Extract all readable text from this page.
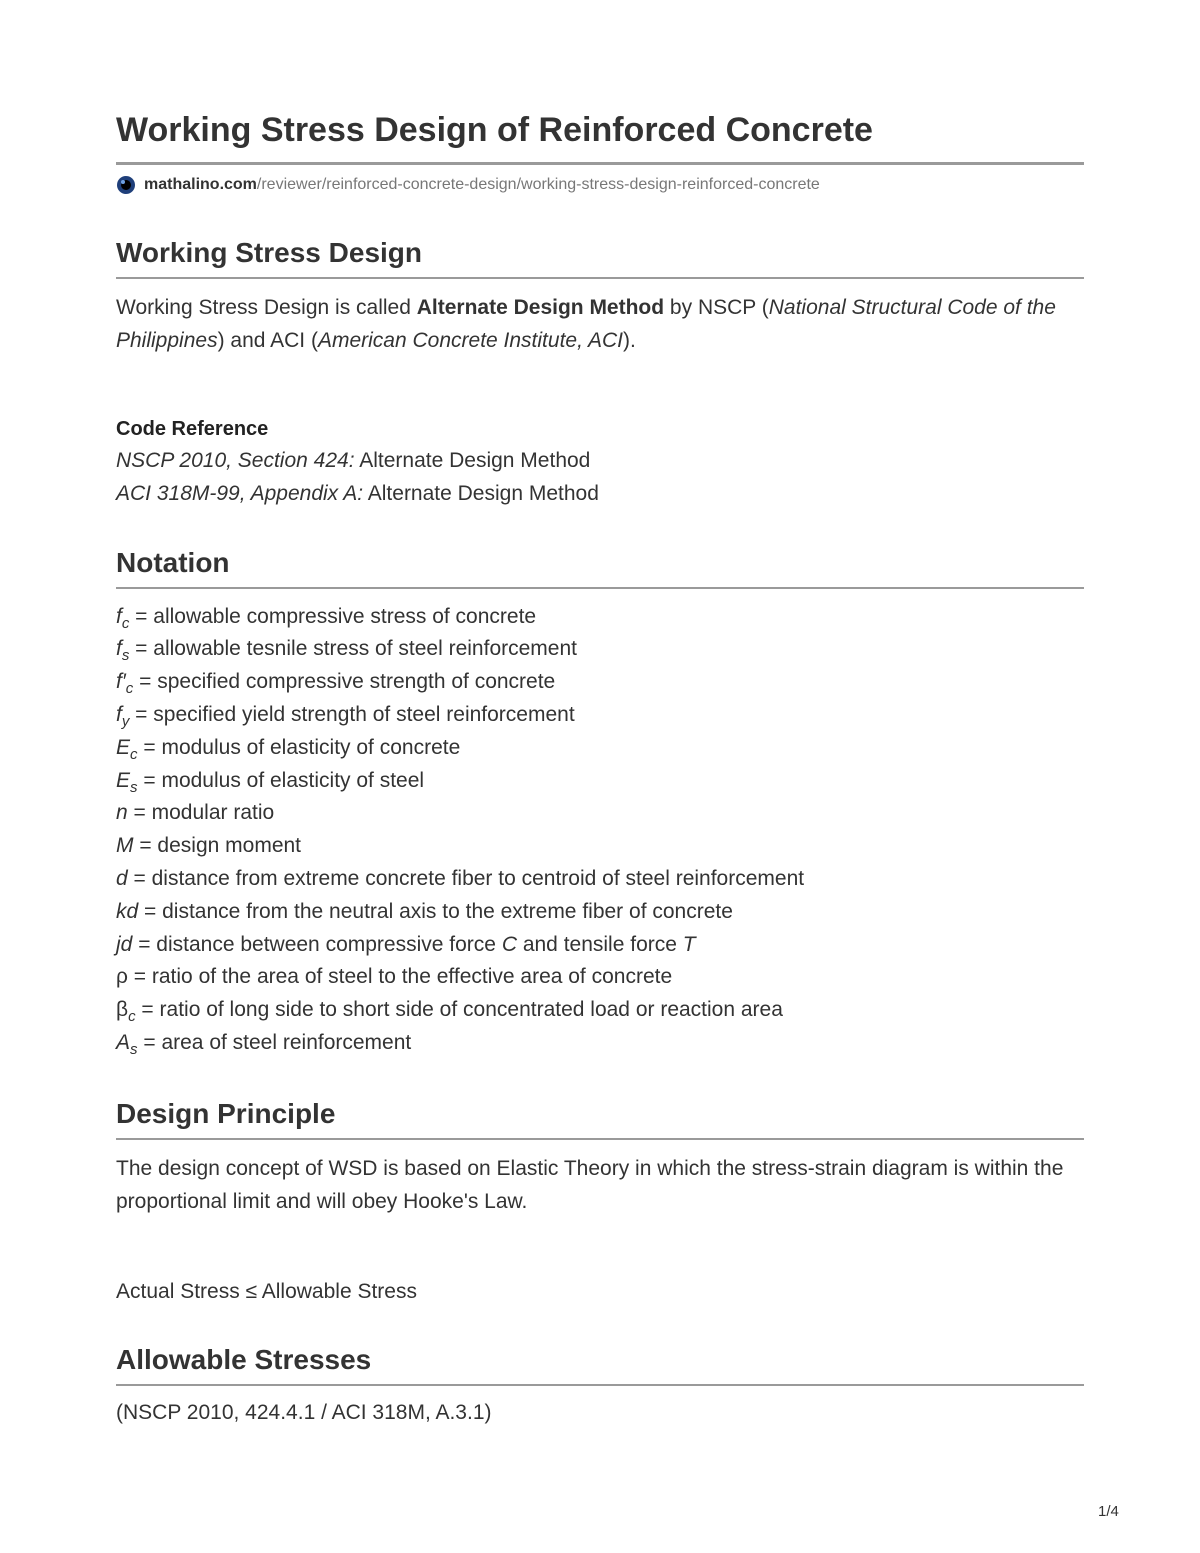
Working Stress Design of Reinforced Concrete
mathalino.com /reviewer/reinforced-concrete-design/working-stress-design-reinforced-concrete
Working Stress Design

Working Stress Design is called Alternate Design Method by NSCP (National Structural Code of the Philippines) and ACI (American Concrete Institute, ACI).

Code Reference
NSCP 2010, Section 424: Alternate Design Method
ACI 318M-99, Appendix A: Alternate Design Method
Notation
$f_c$ = allowable compressive stress of concrete
$f_s$ = allowable tesnile stress of steel reinforcement
$f'_c$ = specified compressive strength of concrete
$f_y$ = specified yield strength of steel reinforcement
$E_c$ = modulus of elasticity of concrete
$E_s$ = modulus of elasticity of steel
n = modular ratio
M = design moment
d = distance from extreme concrete fiber to centroid of steel reinforcement
kd = distance from the neutral axis to the extreme fiber of concrete
jd = distance between compressive force C and tensile force T
ρ = ratio of the area of steel to the effective area of concrete
$\beta_c$ = ratio of long side to short side of concentrated load or reaction area
$A_s$ = area of steel reinforcement
Design Principle

The design concept of WSD is based on Elastic Theory in which the stress-strain diagram is within the proportional limit and will obey Hooke's Law.

Actual Stress ≤ Allowable Stress

Allowable Stresses

(NSCP 2010, 424.4.1 / ACI 318M, A.3.1)

1/4
